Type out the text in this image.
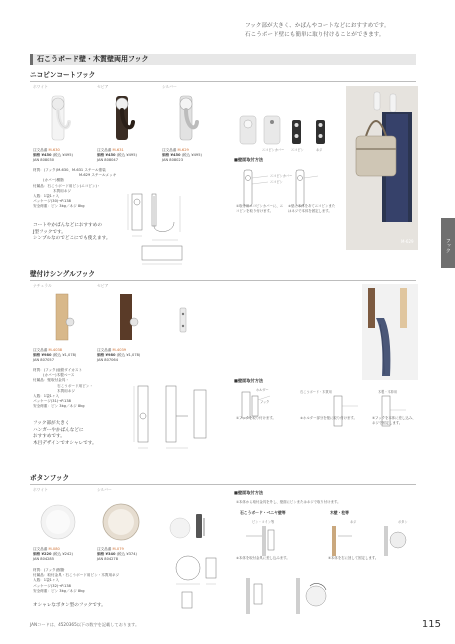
フック部が大きく、かばんやコートなどにおすすめです。
石こうボード壁にも簡単に取り付けることができます。
石こうボード壁・木質壁両用フック
ニコピンコートフック
ホワイト	セピア	シルバー
注文品番 M-630
価格 ¥450 (税込 ¥495)
JAN 808030
注文品番 M-631
価格 ¥450 (税込 ¥495)
JAN 808047
注文品番 M-629
価格 ¥450 (税込 ¥495)
JAN 808023
材質：(フック)M-630、M-631 スチール塗装
M-629 スチールメッキ
(カバー)樹脂
付属品：石こうボード用ピン(ニコピン)・
木質用ネジ
入数：1袋1ヶ入
パッケージ(30)→P.138
安全荷重：ピン 3kg／ネジ 8kg
コートやかばんなどにおすすめの
J型フックです。
シンプルなのでどこにでも使えます。
ニコピンカバー ニコピン	ネジ
■壁面取付方法
ニコピンカバー
ニコピン
①取付用ニコピンカバーに、ニコピンを取り付けます。
②壁に本体をあてニコピンまたはネジで本体を固定します。
M-629	フック
壁付けシングルフック
ナチュラル	セピア
注文品番 M-4038
価格 ¥980 (税込 ¥1,078)
JAN 807057
注文品番 M-4039
価格 ¥980 (税込 ¥1,078)
JAN 807064
材質：(フック)亜鉛ダイカスト
(カバー)木製ベース
付属品：壁取付金具・
石こうボード用ピン・
木質用ネジ
入数：1袋1ヶ入
パッケージ(31)→P.138
安全荷重：ピン 3kg／ネジ 8kg
フック部が大きく
ハンガーやかばんなどに
おすすめです。
木目デザインでオシャレです。
■壁面取付方法
ホルダー
フック
石こうボード・木質用	木製・木枠用
①フックを取り付けます。	②ホルダー部分を壁に取り付けます。	③フックを本体に差し込み、ネジで固定します。
ボタンフック
ホワイト	シルバー
注文品番 M-080
価格 ¥220 (税込 ¥242)
JAN 804285
注文品番 M-079
価格 ¥340 (税込 ¥374)
JAN 804278
材質：(フック)樹脂
付属品：取付金具・石こうボード用ピン・木質用ネジ
入数：1袋1ヶ入
パッケージ(32)→P.138
安全荷重：ピン 3kg／ネジ 8kg
オシャレなボタン型のフックです。
■壁面取付方法
①本体から取付金具を外し、壁面にピンまたはネジで取り付けます。
石こうボード・ベニヤ壁等	木壁・柱等
ピン・コイン等	ネジ	ボタン
②本体を取付金具に差し込みます。	③本体を右に回して固定します。
JANコードは、4520365以下の数字を記載しております。	115
